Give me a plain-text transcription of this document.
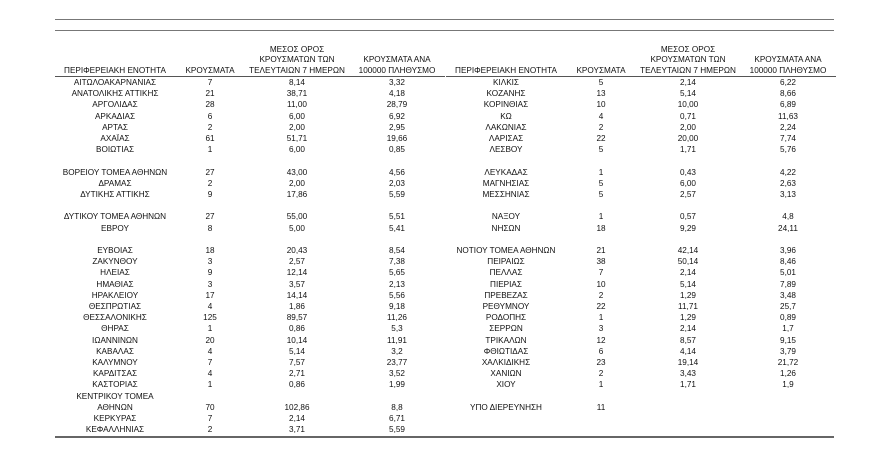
ΠΕΡΙΦΕΡΕΙΑΚΗ ΕΝΟΤΗΤΑ	ΚΡΟΥΣΜΑΤΑ	ΜΕΣΟΣ ΟΡΟΣ ΚΡΟΥΣΜΑΤΩΝ ΤΩΝ ΤΕΛΕΥΤΑΙΩΝ 7 ΗΜΕΡΩΝ	ΚΡΟΥΣΜΑΤΑ ΑΝΑ 100000 ΠΛΗΘΥΣΜΟ
ΑΙΤΩΛΟΑΚΑΡΝΑΝΙΑΣ	7	8,14	3,32
ΑΝΑΤΟΛΙΚΗΣ ΑΤΤΙΚΗΣ	21	38,71	4,18
ΑΡΓΟΛΙΔΑΣ	28	11,00	28,79
ΑΡΚΑΔΙΑΣ	6	6,00	6,92
ΑΡΤΑΣ	2	2,00	2,95
ΑΧΑΪΑΣ	61	51,71	19,66
ΒΟΙΩΤΙΑΣ	1	6,00	0,85

ΒΟΡΕΙΟΥ ΤΟΜΕΑ ΑΘΗΝΩΝ	27	43,00	4,56
ΔΡΑΜΑΣ	2	2,00	2,03
ΔΥΤΙΚΗΣ ΑΤΤΙΚΗΣ	9	17,86	5,59

ΔΥΤΙΚΟΥ ΤΟΜΕΑ ΑΘΗΝΩΝ	27	55,00	5,51
ΕΒΡΟΥ	8	5,00	5,41

ΕΥΒΟΙΑΣ	18	20,43	8,54
ΖΑΚΥΝΘΟΥ	3	2,57	7,38
ΗΛΕΙΑΣ	9	12,14	5,65
ΗΜΑΘΙΑΣ	3	3,57	2,13
ΗΡΑΚΛΕΙΟΥ	17	14,14	5,56
ΘΕΣΠΡΩΤΙΑΣ	4	1,86	9,18
ΘΕΣΣΑΛΟΝΙΚΗΣ	125	89,57	11,26
ΘΗΡΑΣ	1	0,86	5,3
ΙΩΑΝΝΙΝΩΝ	20	10,14	11,91
ΚΑΒΑΛΑΣ	4	5,14	3,2
ΚΑΛΥΜΝΟΥ	7	7,57	23,77
ΚΑΡΔΙΤΣΑΣ	4	2,71	3,52
ΚΑΣΤΟΡΙΑΣ	1	0,86	1,99
ΚΕΝΤΡΙΚΟΥ ΤΟΜΕΑ			
ΑΘΗΝΩΝ	70	102,86	8,8
ΚΕΡΚΥΡΑΣ	7	2,14	6,71
ΚΕΦΑΛΛΗΝΙΑΣ	2	3,71	5,59
ΠΕΡΙΦΕΡΕΙΑΚΗ ΕΝΟΤΗΤΑ	ΚΡΟΥΣΜΑΤΑ	ΜΕΣΟΣ ΟΡΟΣ ΚΡΟΥΣΜΑΤΩΝ ΤΩΝ ΤΕΛΕΥΤΑΙΩΝ 7 ΗΜΕΡΩΝ	ΚΡΟΥΣΜΑΤΑ ΑΝΑ 100000 ΠΛΗΘΥΣΜΟ
ΚΙΛΚΙΣ	5	2,14	6,22
ΚΟΖΑΝΗΣ	13	5,14	8,66
ΚΟΡΙΝΘΙΑΣ	10	10,00	6,89
ΚΩ	4	0,71	11,63
ΛΑΚΩΝΙΑΣ	2	2,00	2,24
ΛΑΡΙΣΑΣ	22	20,00	7,74
ΛΕΣΒΟΥ	5	1,71	5,76

ΛΕΥΚΑΔΑΣ	1	0,43	4,22
ΜΑΓΝΗΣΙΑΣ	5	6,00	2,63
ΜΕΣΣΗΝΙΑΣ	5	2,57	3,13

ΝΑΞΟΥ	1	0,57	4,8
ΝΗΣΩΝ	18	9,29	24,11

ΝΟΤΙΟΥ ΤΟΜΕΑ ΑΘΗΝΩΝ	21	42,14	3,96
ΠΕΙΡΑΙΩΣ	38	50,14	8,46
ΠΕΛΛΑΣ	7	2,14	5,01
ΠΙΕΡΙΑΣ	10	5,14	7,89
ΠΡΕΒΕΖΑΣ	2	1,29	3,48
ΡΕΘΥΜΝΟΥ	22	11,71	25,7
ΡΟΔΟΠΗΣ	1	1,29	0,89
ΣΕΡΡΩΝ	3	2,14	1,7
ΤΡΙΚΑΛΩΝ	12	8,57	9,15
ΦΘΙΩΤΙΔΑΣ	6	4,14	3,79
ΧΑΛΚΙΔΙΚΗΣ	23	19,14	21,72
ΧΑΝΙΩΝ	2	3,43	1,26
ΧΙΟΥ	1	1,71	1,9

ΥΠΟ ΔΙΕΡΕΥΝΗΣΗ	11		
